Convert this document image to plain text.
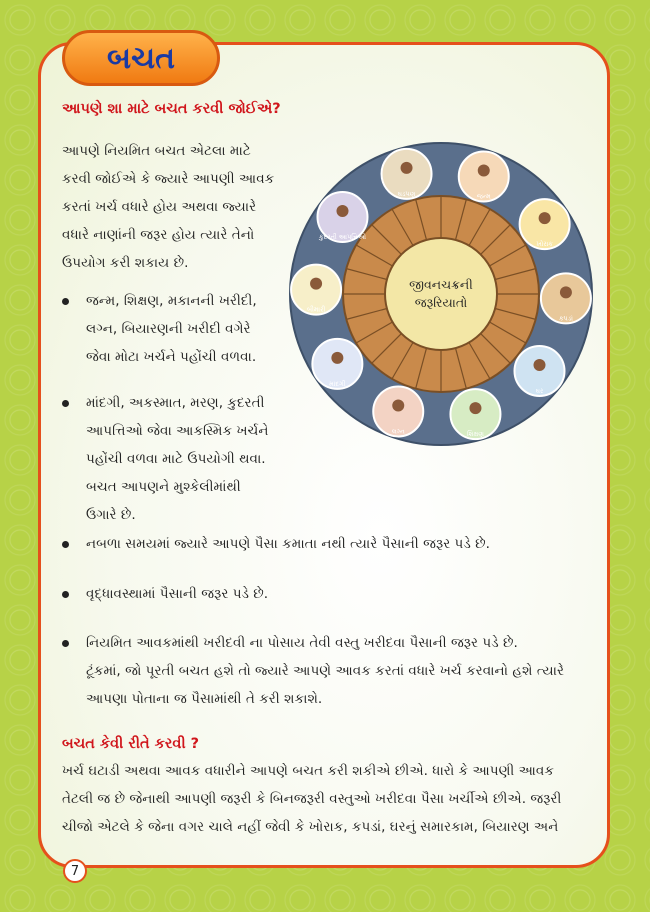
બચત
આપણે શા માટે બચત કરવી જોઈએ?
આપણે નિયમિત બચત એટલા માટે
કરવી જોઈએ કે જ્યારે આપણી આવક
કરતાં ખર્ચ વધારે હોય અથવા જ્યારે
વધારે નાણાંની જરૂર હોય ત્યારે તેનો
ઉપયોગ કરી શકાય છે.
જન્મ, શિક્ષણ, મકાનની ખરીદી,
લગ્ન, બિયારણની ખરીદી વગેરે
જેવા મોટા ખર્ચને પહોંચી વળવા.
માંદગી, અકસ્માત, મરણ, કુદરતી
આપત્તિઓ જેવા આકસ્મિક ખર્ચને
પહોંચી વળવા માટે ઉપયોગી થવા.
બચત આપણને મુશ્કેલીમાંથી
ઉગારે છે.
નબળા સમયમાં જ્યારે આપણે પૈસા કમાતા નથી ત્યારે પૈસાની જરૂર પડે છે.
વૃદ્ધાવસ્થામાં પૈસાની જરૂર પડે છે.
નિયમિત આવકમાંથી ખરીદવી ના પોસાય તેવી વસ્તુ ખરીદવા પૈસાની જરૂર પડે છે.
ટૂંકમાં, જો પૂરતી બચત હશે તો જ્યારે આપણે આવક કરતાં વધારે ખર્ચ કરવાનો હશે ત્યારે
આપણા પોતાના જ પૈસામાંથી તે કરી શકાશે.
બચત કેવી રીતે કરવી ?
ખર્ચ ઘટાડી અથવા આવક વધારીને આપણે બચત કરી શકીએ છીએ. ધારો કે આપણી આવક
તેટલી જ છે જેનાથી આપણી જરૂરી કે બિનજરૂરી વસ્તુઓ ખરીદવા પૈસા ખર્ચીએ છીએ. જરૂરી
ચીજો એટલે કે જેના વગર ચાલે નહીં જેવી કે ખોરાક, કપડાં, ઘરનું સમારકામ, બિયારણ અને
જીવનચક્રની
જરૂરિયાતો
જન્મ
ખોરાક
કપડાં
ઘર
શિક્ષણ
લગ્ન
માંદગી
બીમારી
કુદરતી આપત્તિઓ
ઘડપણ
7
